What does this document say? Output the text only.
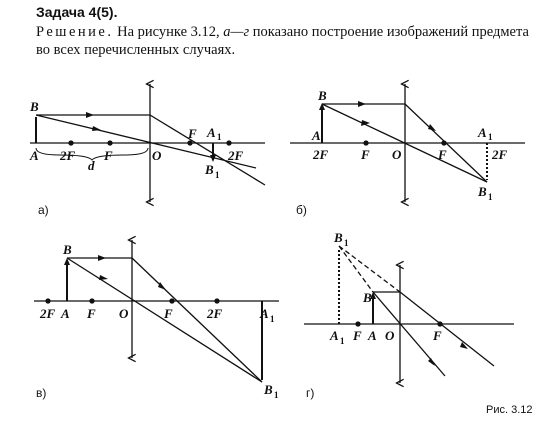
Задача 4(5).
Решение. На рисунке 3.12, а—г показано построение изображений предмета во всех перечисленных случаях.
B
A 2F
d
F	O
F A 1
2F
B 1
а)
B
A
2F	F O	F
A 1
2F
B 1
б)
B
2F A F O	F	2F	A 1
B 1
в)
B 1
B
A 1 F A O	F
г)
Рис. 3.12
